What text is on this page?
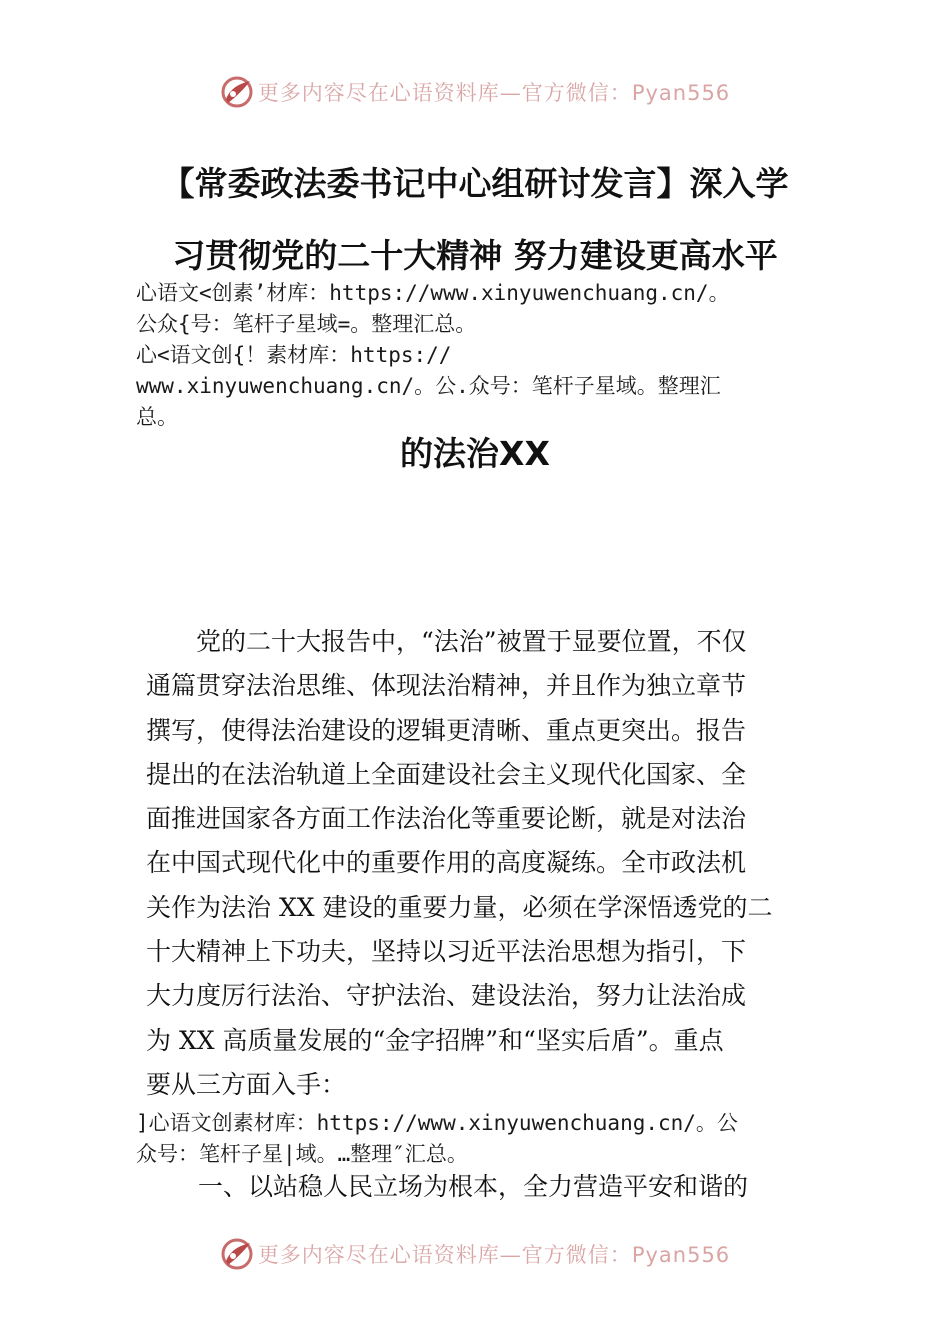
更多内容尽在心语资料库—官方微信：Pyan556
【常委政法委书记中心组研讨发言】深入学
习贯彻党的二十大精神 努力建设更高水平
心语文<创素’材库：https://www.xinyuwenchuang.cn/。
公众{号：笔杆子星域=。整理汇总。
心<语文创{！素材库：https://
www.xinyuwenchuang.cn/。公.众号：笔杆子星域。整理汇
总。
的法治XX
　　党的二十大报告中，“法治”被置于显要位置，不仅
通篇贯穿法治思维、体现法治精神，并且作为独立章节
撰写，使得法治建设的逻辑更清晰、重点更突出。报告
提出的在法治轨道上全面建设社会主义现代化国家、全
面推进国家各方面工作法治化等重要论断，就是对法治
在中国式现代化中的重要作用的高度凝练。全市政法机
关作为法治 XX 建设的重要力量，必须在学深悟透党的二
十大精神上下功夫，坚持以习近平法治思想为指引，下
大力度厉行法治、守护法治、建设法治，努力让法治成
为 XX 高质量发展的“金字招牌”和“坚实后盾”。重点
要从三方面入手：
]心语文创素材库：https://www.xinyuwenchuang.cn/。公
众号：笔杆子星|域。…整理″汇总。
一、以站稳人民立场为根本，全力营造平安和谐的
更多内容尽在心语资料库—官方微信：Pyan556
